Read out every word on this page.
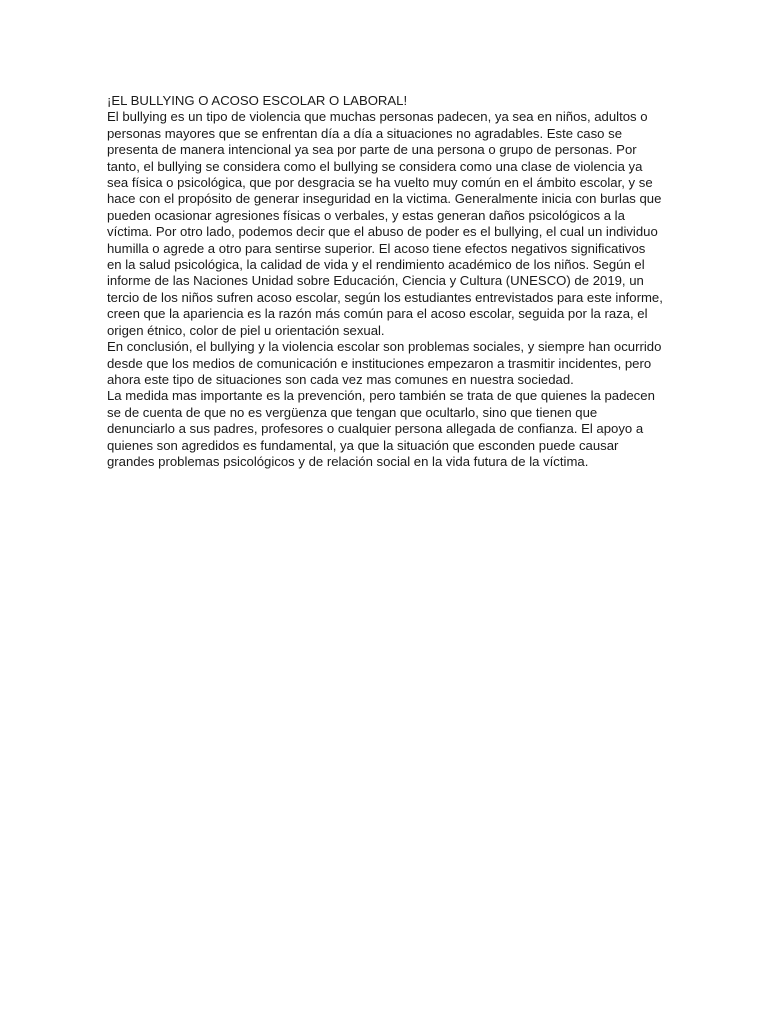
¡EL BULLYING O ACOSO ESCOLAR O LABORAL!

El bullying es un tipo de violencia que muchas personas padecen, ya sea en niños, adultos o personas mayores que se enfrentan día a día a situaciones no agradables. Este caso se presenta de manera intencional ya sea por parte de una persona o grupo de personas. Por tanto, el bullying se considera como el bullying se considera como una clase de violencia ya sea física o psicológica, que por desgracia se ha vuelto muy común en el ámbito escolar, y se hace con el propósito de generar inseguridad en la victima. Generalmente inicia con burlas que pueden ocasionar agresiones físicas o verbales, y estas generan daños psicológicos a la víctima. Por otro lado, podemos decir que el abuso de poder es el bullying, el cual un individuo humilla o agrede a otro para sentirse superior. El acoso tiene efectos negativos significativos en la salud psicológica, la calidad de vida y el rendimiento académico de los niños. Según el informe de las Naciones Unidad sobre Educación, Ciencia y Cultura (UNESCO) de 2019, un tercio de los niños sufren acoso escolar, según los estudiantes entrevistados para este informe, creen que la apariencia es la razón más común para el acoso escolar, seguida por la raza, el origen étnico, color de piel u orientación sexual.

En conclusión, el bullying y la violencia escolar son problemas sociales, y siempre han ocurrido desde que los medios de comunicación e instituciones empezaron a trasmitir incidentes, pero ahora este tipo de situaciones son cada vez mas comunes en nuestra sociedad.

La medida mas importante es la prevención, pero también se trata de que quienes la padecen se de cuenta de que no es vergüenza que tengan que ocultarlo, sino que tienen que denunciarlo a sus padres, profesores o cualquier persona allegada de confianza. El apoyo a quienes son agredidos es fundamental, ya que la situación que esconden puede causar grandes problemas psicológicos y de relación social en la vida futura de la víctima.
